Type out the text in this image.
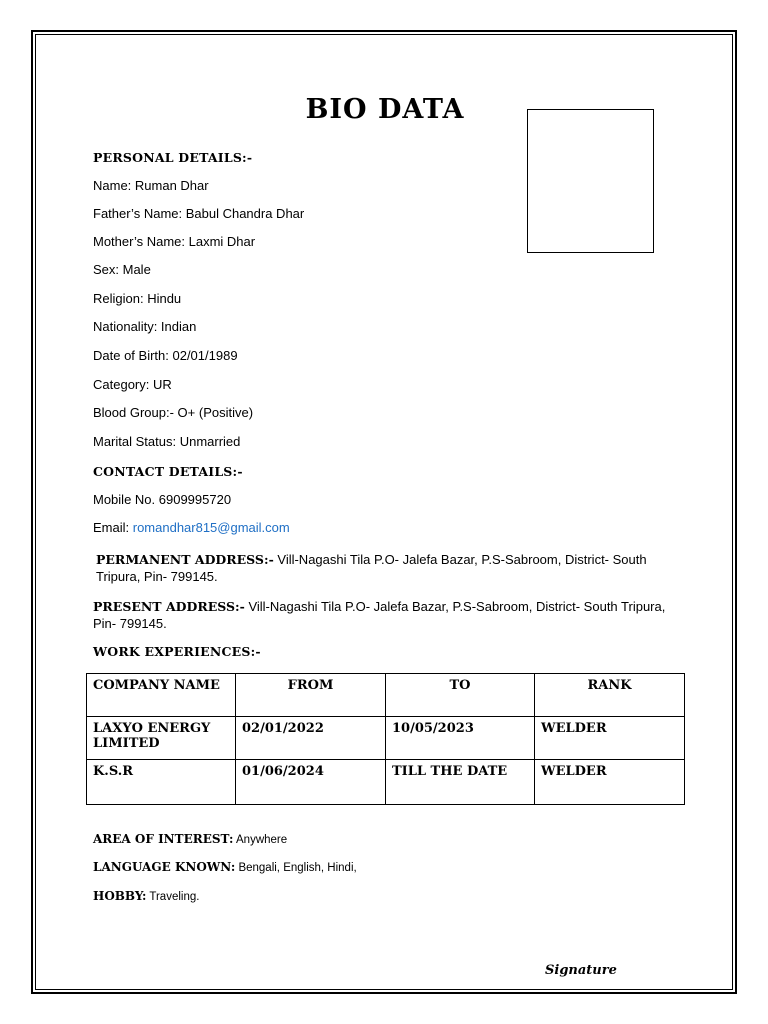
BIO DATA
PERSONAL DETAILS:-
Name: Ruman Dhar
Father’s Name: Babul Chandra Dhar
Mother’s Name: Laxmi Dhar
Sex: Male
Religion: Hindu
Nationality: Indian
Date of Birth: 02/01/1989
Category: UR
Blood Group:- O+ (Positive)
Marital Status: Unmarried
CONTACT DETAILS:-
Mobile No. 6909995720
Email: romandhar815@gmail.com
PERMANENT ADDRESS:- Vill-Nagashi Tila P.O- Jalefa Bazar, P.S-Sabroom, District- South Tripura, Pin- 799145.
PRESENT ADDRESS:- Vill-Nagashi Tila P.O- Jalefa Bazar, P.S-Sabroom, District- South Tripura, Pin- 799145.
WORK EXPERIENCES:-
COMPANY NAME	FROM	TO	RANK
LAXYO ENERGY LIMITED	02/01/2022	10/05/2023	WELDER
K.S.R	01/06/2024	TILL THE DATE	WELDER
AREA OF INTEREST: Anywhere
LANGUAGE KNOWN: Bengali, English, Hindi,
HOBBY: Traveling.
Signature
